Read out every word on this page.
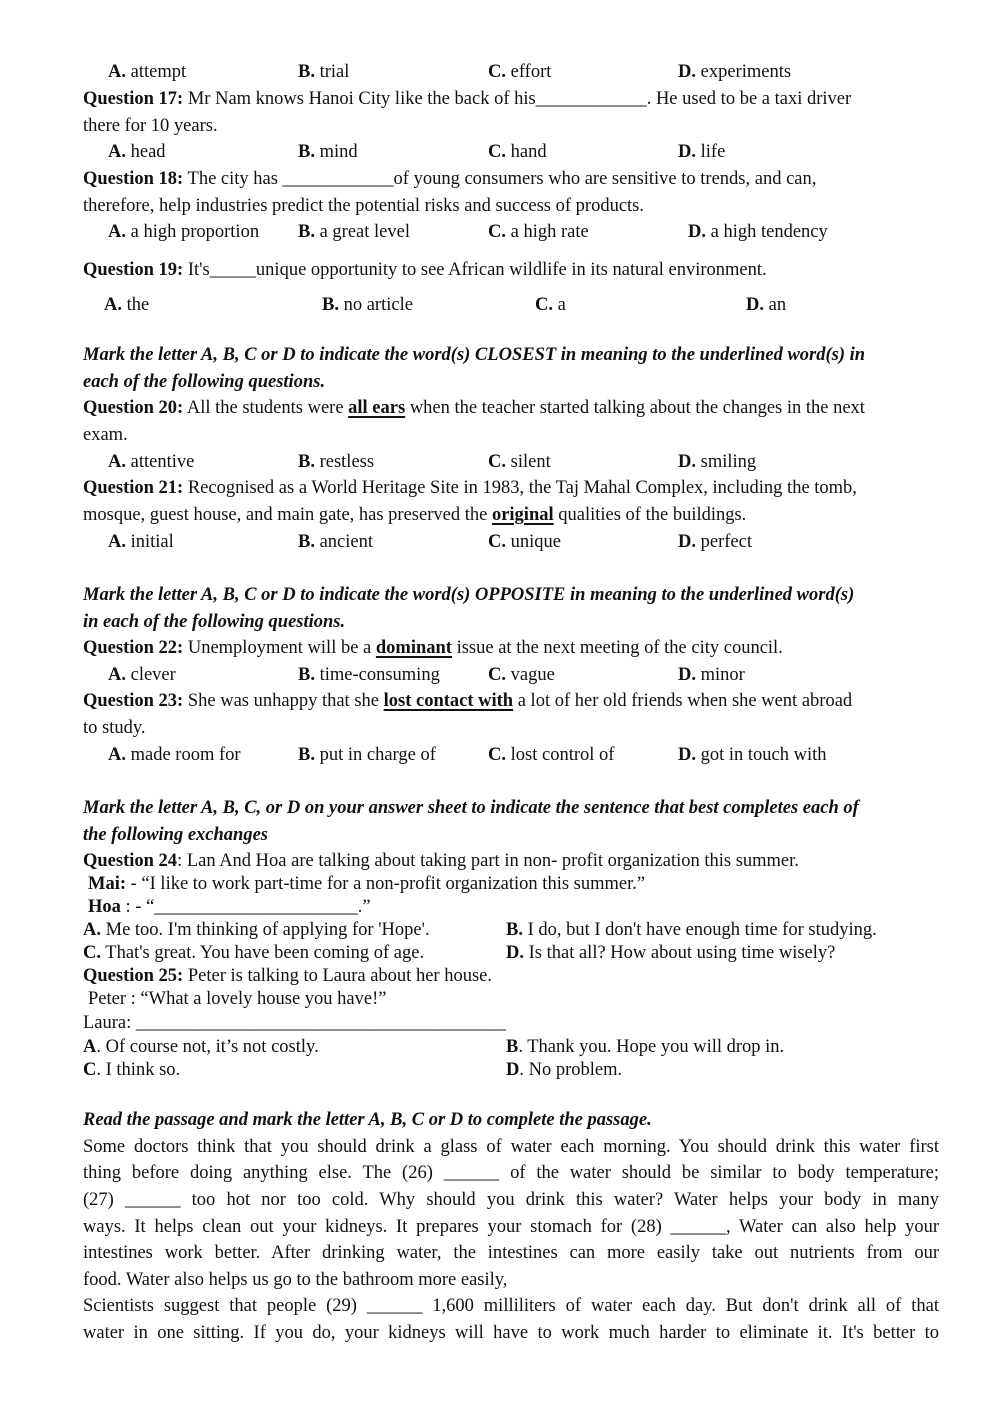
A. attempt	B. trial	C. effort	D. experiments
Question 17: Mr Nam knows Hanoi City like the back of his____________. He used to be a taxi driver
there for 10 years.
A. head	B. mind	C. hand	D. life
Question 18: The city has ____________of young consumers who are sensitive to trends, and can,
therefore, help industries predict the potential risks and success of products.
A. a high proportion B. a great level	C. a high rate	D. a high tendency
Question 19: It's_____unique opportunity to see African wildlife in its natural environment.
A. the	B. no article	C. a	D. an
Mark the letter A, B, C or D to indicate the word(s) CLOSEST in meaning to the underlined word(s) in
each of the following questions.
Question 20: All the students were all ears when the teacher started talking about the changes in the next
exam.
A. attentive	B. restless	C. silent	D. smiling
Question 21: Recognised as a World Heritage Site in 1983, the Taj Mahal Complex, including the tomb,
mosque, guest house, and main gate, has preserved the original qualities of the buildings.
A. initial	B. ancient	C. unique	D. perfect
Mark the letter A, B, C or D to indicate the word(s) OPPOSITE in meaning to the underlined word(s)
in each of the following questions.
Question 22: Unemployment will be a dominant issue at the next meeting of the city council.
A. clever	B. time-consuming	C. vague	D. minor
Question 23: She was unhappy that she lost contact with a lot of her old friends when she went abroad
to study.
A. made room for	B. put in charge of	C. lost control of	D. got in touch with
Mark the letter A, B, C, or D on your answer sheet to indicate the sentence that best completes each of
the following exchanges
Question 24: Lan And Hoa are talking about taking part in non- profit organization this summer.
Mai: - “I like to work part-time for a non-profit organization this summer.”
Hoa : - “______________________.”
A. Me too. I'm thinking of applying for 'Hope'.	B. I do, but I don't have enough time for studying.
C. That's great. You have been coming of age.	D. Is that all? How about using time wisely?
Question 25: Peter is talking to Laura about her house.
Peter : “What a lovely house you have!”
Laura: ________________________________________
A. Of course not, it’s not costly.	B. Thank you. Hope you will drop in.
C. I think so.	D. No problem.
Read the passage and mark the letter A, B, C or D to complete the passage.
Some doctors think that you should drink a glass of water each morning. You should drink this water first
thing before doing anything else. The (26) ______ of the water should be similar to body temperature;
(27) ______ too hot nor too cold. Why should you drink this water? Water helps your body in many
ways. It helps clean out your kidneys. It prepares your stomach for (28) ______, Water can also help your
intestines work better. After drinking water, the intestines can more easily take out nutrients from our
food. Water also helps us go to the bathroom more easily,
Scientists suggest that people (29) ______ 1,600 milliliters of water each day. But don't drink all of that
water in one sitting. If you do, your kidneys will have to work much harder to eliminate it. It's better to
